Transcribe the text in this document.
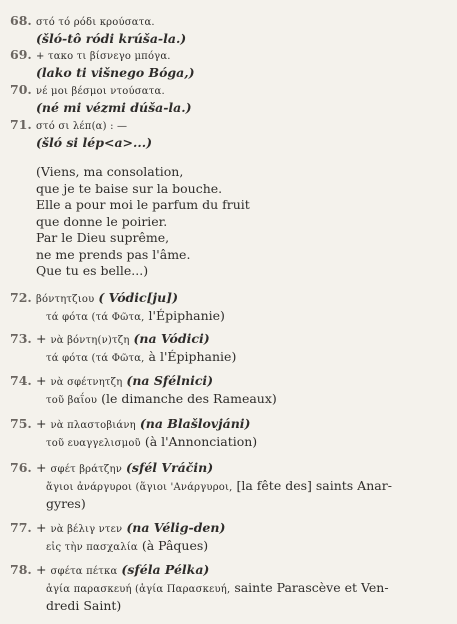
68. στό τό ρόδι κρούσατα.
(šló-tô ródi krúša-la.)
69. + τακο τι βίσνεγο μπόγα.
(lako ti višnego Bóga,)
70. νέ μοι βέσμοι ντούσατα.
(né mi vézmi dúša-la.)
71. στό σι λέπ(α) : —
(šló si lép<a>...)
(Viens, ma consolation,
que je te baise sur la bouche.
Elle a pour moi le parfum du fruit
que donne le poirier.
Par le Dieu suprême,
ne me prends pas l'âme.
Que tu es belle...)
72. βόντητζιου ( Vódic[ju])
τά φότα (τά Φῶτα, l'Épiphanie)
73. + νὰ βόντη(ν)τζη (na Vódici)
τά φότα (τά Φῶτα, à l'Épiphanie)
74. + νὰ σφέτνητζη (na Sfélnici)
τοῦ βαΐου (le dimanche des Rameaux)
75. + νὰ πλαστοβιάνη (na Blašlovjáni)
τοῦ ευαγγελισμοῦ (à l'Annonciation)
76. + σφέτ βράτζην (sfél Vráčin)
ἅγιοι ἀνάργυροι (ἅγιοι 'Ανάργυροι, [la fête des] saints Anar-
gyres)
77. + νὰ βέλιγ ντεν (na Vélig-den)
εἰς τὴν πασχαλία (à Pâques)
78. + σφέτα πέτκα (sféla Pélka)
ἁγία παρασκευή (ἁγία Παρασκευή, sainte Parascève et Ven-
dredi Saint)
